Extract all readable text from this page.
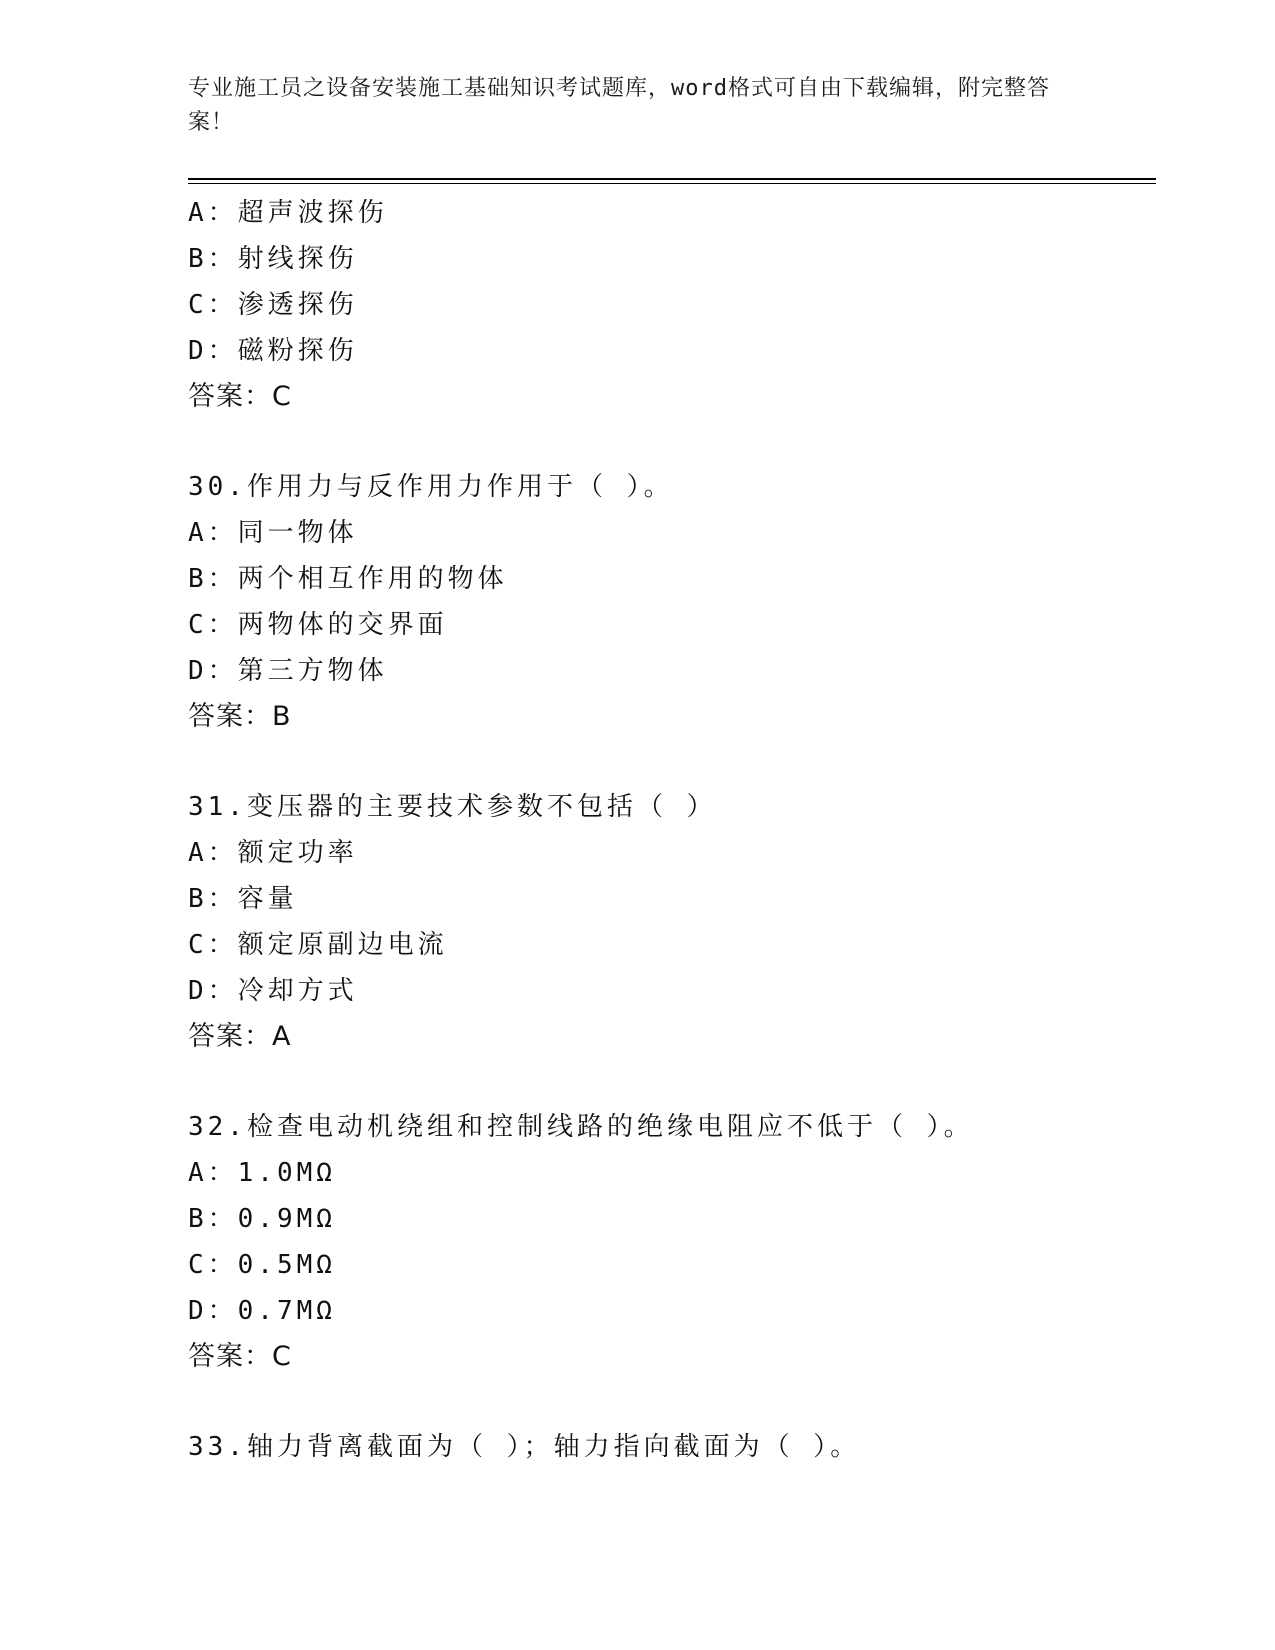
专业施工员之设备安装施工基础知识考试题库，word格式可自由下载编辑，附完整答案！
A：超声波探伤
B：射线探伤
C：渗透探伤
D：磁粉探伤
答案：C
30.作用力与反作用力作用于（ ）。
A：同一物体
B：两个相互作用的物体
C：两物体的交界面
D：第三方物体
答案：B
31.变压器的主要技术参数不包括（ ）
A：额定功率
B：容量
C：额定原副边电流
D：冷却方式
答案：A
32.检查电动机绕组和控制线路的绝缘电阻应不低于（ ）。
A：1.0MΩ
B：0.9MΩ
C：0.5MΩ
D：0.7MΩ
答案：C
33.轴力背离截面为（ ）；轴力指向截面为（ ）。
